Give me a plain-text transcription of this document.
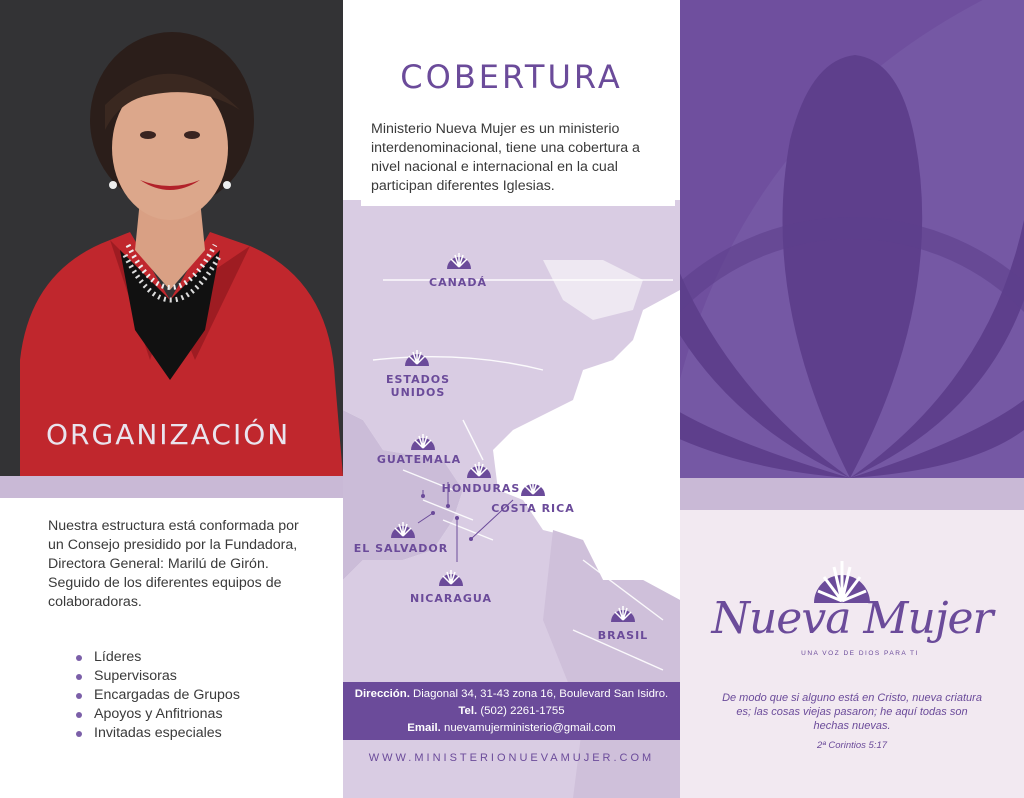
ORGANIZACIÓN

Nuestra estructura está conformada por un Consejo presidido por la Fundadora, Directora General: Marilú de Girón.

Seguido de los diferentes equipos de colaboradoras.

Líderes
Supervisoras
Encargadas de Grupos
Apoyos y Anfitrionas
Invitadas especiales
COBERTURA
Ministerio Nueva Mujer es un ministerio interdenominacional, tiene una cobertura a nivel nacional e internacional en la cual participan diferentes Iglesias.
CANADÁ
ESTADOS
UNIDOS
GUATEMALA
HONDURAS
COSTA RICA
EL SALVADOR
NICARAGUA
BRASIL
Dirección. Diagonal 34, 31-43 zona 16, Boulevard San Isidro.
Tel. (502) 2261-1755
Email. nuevamujerministerio@gmail.com
WWW.MINISTERIONUEVAMUJER.COM
Nueva Mujer
UNA VOZ DE DIOS PARA TI
De modo que si alguno está en Cristo, nueva criatura es; las cosas viejas pasaron; he aquí todas son hechas nuevas.
2ª Corintios 5:17
